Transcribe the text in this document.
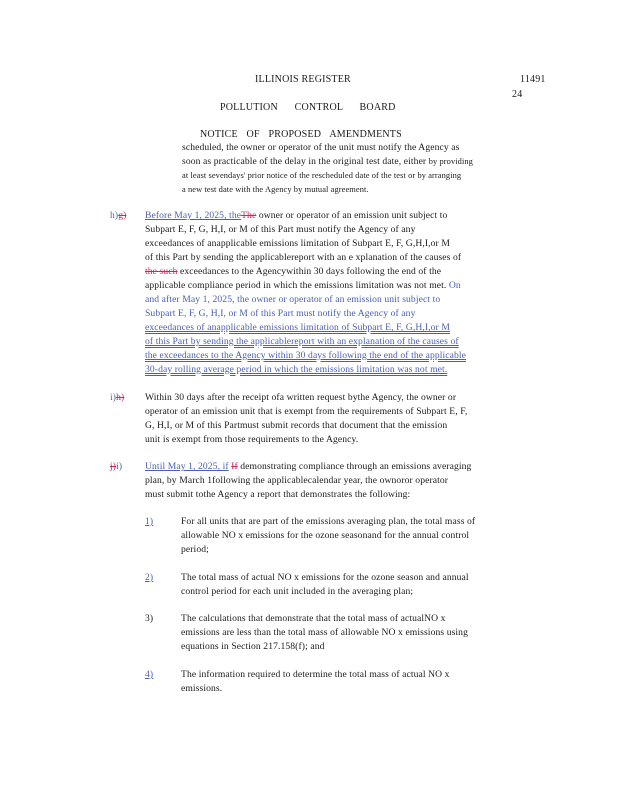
ILLINOIS REGISTER	11491
24
POLLUTION CONTROL BOARD
NOTICE OF PROPOSED AMENDMENTS
scheduled, the owner or operator of the unit must notify the Agency as
soon as practicable of the delay in the original test date, either by providing
at least sevendays' prior notice of the rescheduled date of the test or by arranging
a new test date with the Agency by mutual agreement.
h)g) Before May 1, 2025, theThe owner or operator of an emission unit subject to
Subpart E, F, G, H,I, or M of this Part must notify the Agency of any
exceedances of anapplicable emissions limitation of Subpart E, F, G,H,I,or M
of this Part by sending the applicablereport with an e xplanation of the causes of
the such exceedances to the Agencywithin 30 days following the end of the
applicable compliance period in which the emissions limitation was not met. On
and after May 1, 2025, the owner or operator of an emission unit subject to
Subpart E, F, G, H,I, or M of this Part must notify the Agency of any
exceedances of anapplicable emissions limitation of Subpart E, F, G,H,I,or M
of this Part by sending the applicablereport with an explanation of the causes of
the exceedances to the Agency within 30 days following the end of the applicable
30-day rolling average period in which the emissions limitation was not met.
i)h) Within 30 days after the receipt ofa written request bythe Agency, the owner or
operator of an emission unit that is exempt from the requirements of Subpart E, F,
G, H,I, or M of this Partmust submit records that document that the emission
unit is exempt from those requirements to the Agency.
j)i) Until May 1, 2025, if If demonstrating compliance through an emissions averaging
plan, by March 1following the applicablecalendar year, the ownoror operator
must submit tothe Agency a report that demonstrates the following:
1)	For all units that are part of the emissions averaging plan, the total mass of
allowable NO x emissions for the ozone seasonand for the annual control
period;
2)	The total mass of actual NO x emissions for the ozone season and annual
control period for each unit included in the averaging plan;
3)	The calculations that demonstrate that the total mass of actualNO x
emissions are less than the total mass of allowable NO x emissions using
equations in Section 217.158(f); and
4)	The information required to determine the total mass of actual NO x
emissions.
